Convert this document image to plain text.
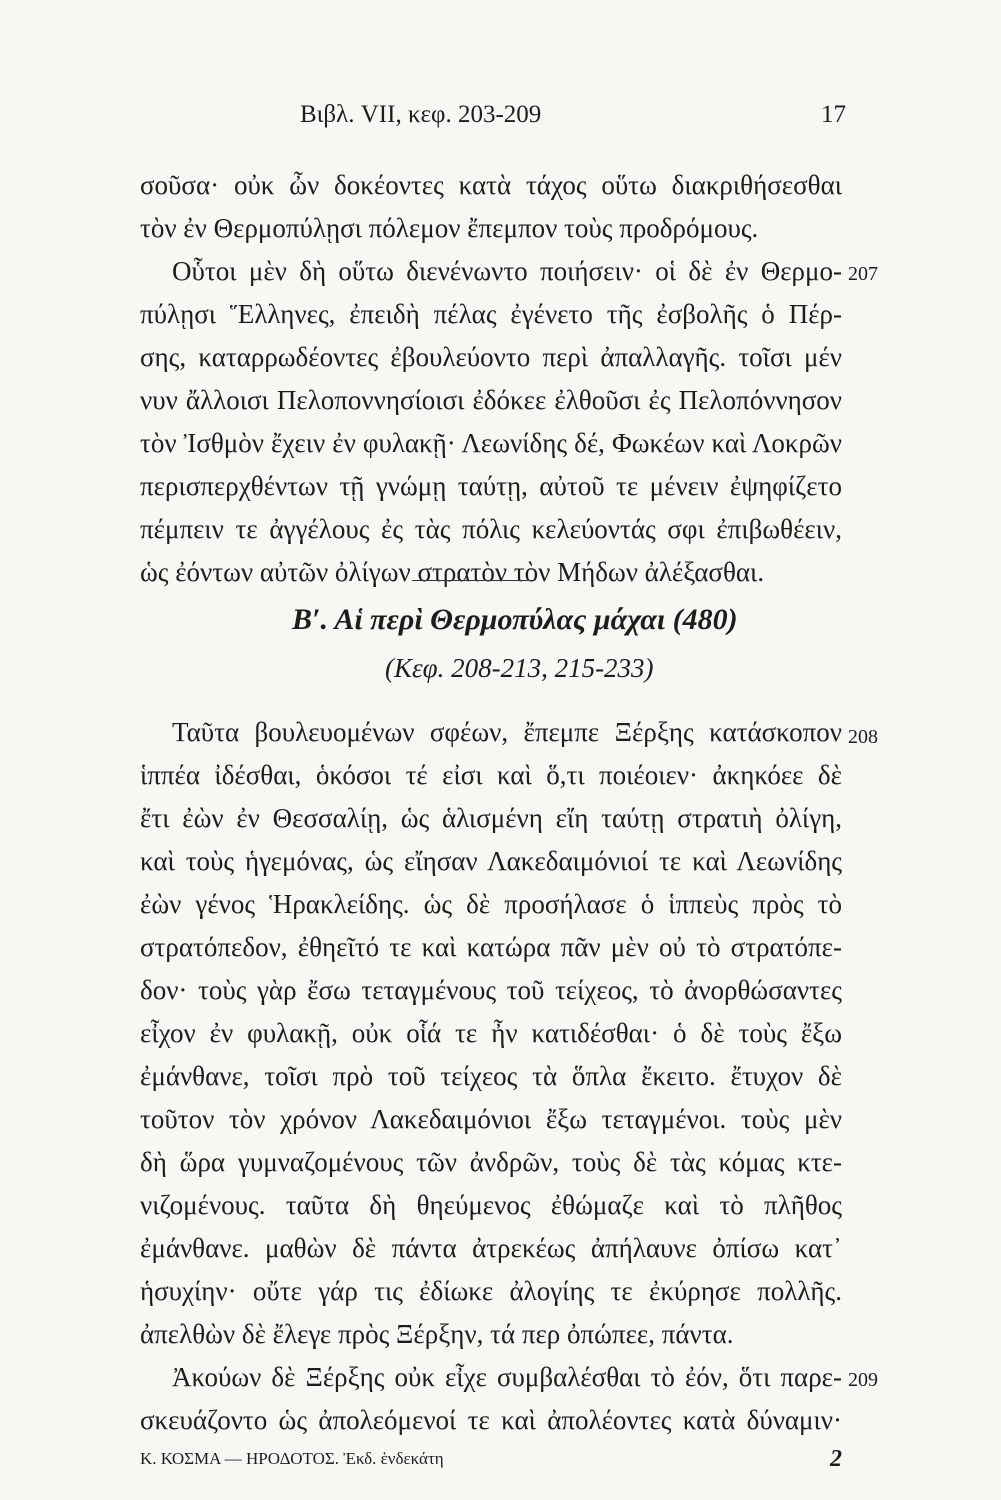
Βιβλ. VII, κεφ. 203-209	17
σοῦσα· οὐκ ὦν δοκέοντες κατὰ τάχος οὕτω διακριθήσεσθαι
τὸν ἐν Θερμοπύλῃσι πόλεμον ἔπεμπον τοὺς προδρόμους.
Οὗτοι μὲν δὴ οὕτω διενένωντο ποιήσειν· οἱ δὲ ἐν Θερμο- 207
πύλῃσι Ἕλληνες, ἐπειδὴ πέλας ἐγένετο τῆς ἐσβολῆς ὁ Πέρ-
σης, καταρρωδέοντες ἐβουλεύοντο περὶ ἀπαλλαγῆς. τοῖσι μέν
νυν ἄλλοισι Πελοποννησίοισι ἐδόκεε ἐλθοῦσι ἐς Πελοπόννησον
τὸν Ἰσθμὸν ἔχειν ἐν φυλακῇ· Λεωνίδης δέ, Φωκέων καὶ Λοκρῶν
περισπερχθέντων τῇ γνώμῃ ταύτῃ, αὐτοῦ τε μένειν ἐψηφίζετο
πέμπειν τε ἀγγέλους ἐς τὰς πόλις κελεύοντάς σφι ἐπιβωθέειν,
ὡς ἐόντων αὐτῶν ὀλίγων στρατὸν τὸν Μήδων ἀλέξασθαι.
Β′. Αἱ περὶ Θερμοπύλας μάχαι (480)
(Κεφ. 208-213, 215-233)
Ταῦτα βουλευομένων σφέων, ἔπεμπε Ξέρξης κατάσκοπον 208
ἱππέα ἰδέσθαι, ὁκόσοι τέ εἰσι καὶ ὅ,τι ποιέοιεν· ἀκηκόεε δὲ
ἔτι ἐὼν ἐν Θεσσαλίῃ, ὡς ἁλισμένη εἴη ταύτῃ στρατιὴ ὀλίγη,
καὶ τοὺς ἡγεμόνας, ὡς εἴησαν Λακεδαιμόνιοί τε καὶ Λεωνίδης
ἐὼν γένος Ἡρακλείδης. ὡς δὲ προσήλασε ὁ ἱππεὺς πρὸς τὸ
στρατόπεδον, ἐθηεῖτό τε καὶ κατώρα πᾶν μὲν οὐ τὸ στρατόπε-
δον· τοὺς γὰρ ἔσω τεταγμένους τοῦ τείχεος, τὸ ἀνορθώσαντες
εἶχον ἐν φυλακῇ, οὐκ οἷά τε ἦν κατιδέσθαι· ὁ δὲ τοὺς ἔξω
ἐμάνθανε, τοῖσι πρὸ τοῦ τείχεος τὰ ὅπλα ἔκειτο. ἔτυχον δὲ
τοῦτον τὸν χρόνον Λακεδαιμόνιοι ἔξω τεταγμένοι. τοὺς μὲν
δὴ ὥρα γυμναζομένους τῶν ἀνδρῶν, τοὺς δὲ τὰς κόμας κτε-
νιζομένους. ταῦτα δὴ θηεύμενος ἐθώμαζε καὶ τὸ πλῆθος
ἐμάνθανε. μαθὼν δὲ πάντα ἀτρεκέως ἀπήλαυνε ὀπίσω κατ᾽
ἡσυχίην· οὔτε γάρ τις ἐδίωκε ἀλογίης τε ἐκύρησε πολλῆς.
ἀπελθὼν δὲ ἔλεγε πρὸς Ξέρξην, τά περ ὀπώπεε, πάντα.
Ἀκούων δὲ Ξέρξης οὐκ εἶχε συμβαλέσθαι τὸ ἐόν, ὅτι παρε- 209
σκευάζοντο ὡς ἀπολεόμενοί τε καὶ ἀπολέοντες κατὰ δύναμιν·
Κ. ΚΟΣΜΑ — ΗΡΟΔΟΤΟΣ. Ἐκδ. ἑνδεκάτη	2
